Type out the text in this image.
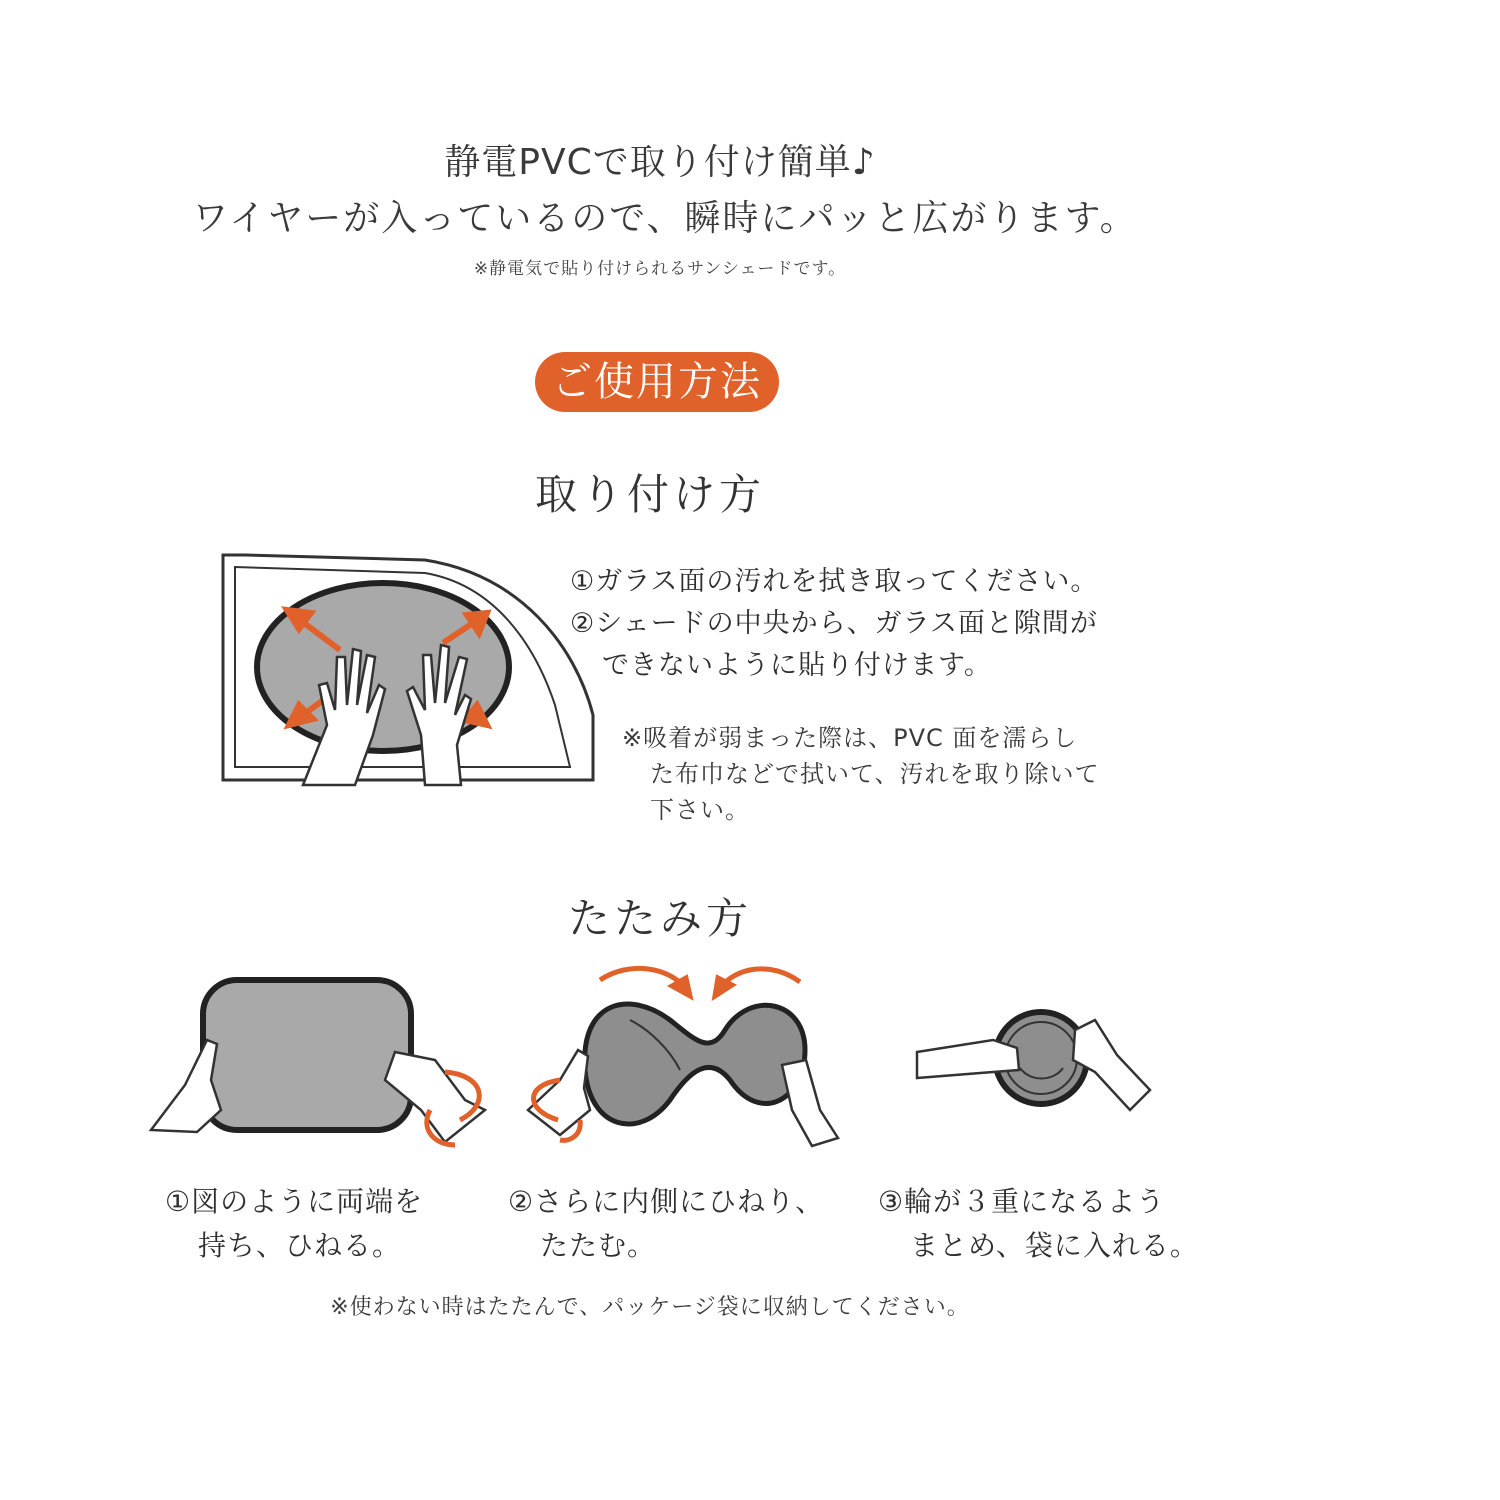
静電PVCで取り付け簡単♪
ワイヤーが入っているので、瞬時にパッと広がります。
※静電気で貼り付けられるサンシェードです。
ご使用方法
取り付け方
①ガラス面の汚れを拭き取ってください。
②シェードの中央から、ガラス面と隙間が
できないように貼り付けます。
※吸着が弱まった際は、PVC 面を濡らし
た布巾などで拭いて、汚れを取り除いて
下さい。
たたみ方
①図のように両端を
持ち、ひねる。
②さらに内側にひねり、
たたむ。
③輪が３重になるよう
まとめ、袋に入れる。
※使わない時はたたんで、パッケージ袋に収納してください。
